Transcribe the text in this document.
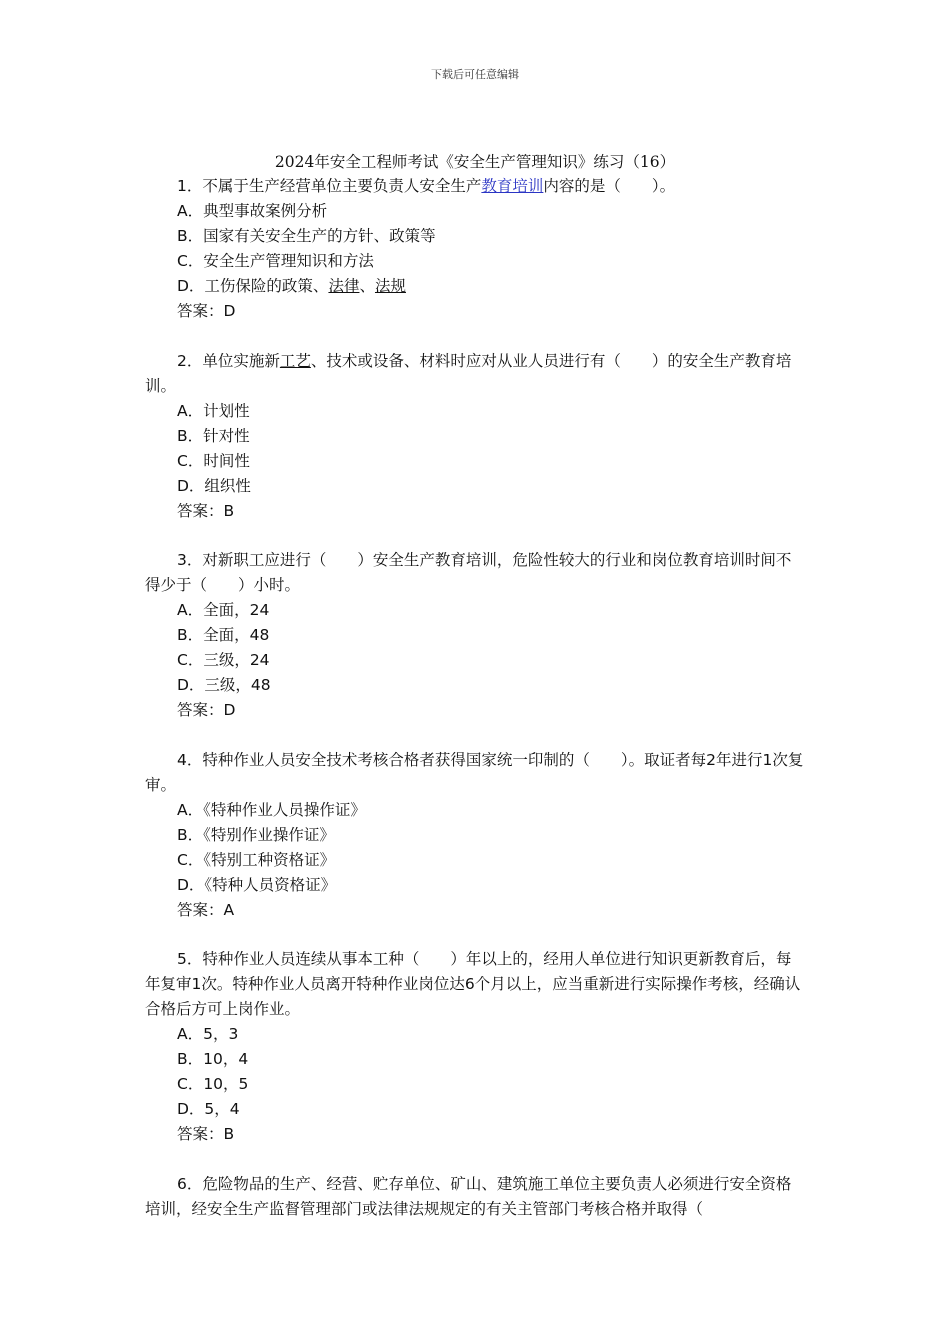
下载后可任意编辑
2024年安全工程师考试《安全生产管理知识》练习（16）
1．不属于生产经营单位主要负责人安全生产教育培训内容的是（　　）。
A．典型事故案例分析
B．国家有关安全生产的方针、政策等
C．安全生产管理知识和方法
D．工伤保险的政策、法律、法规
答案：D
2．单位实施新工艺、技术或设备、材料时应对从业人员进行有（　　）的安全生产教育培训。
A．计划性
B．针对性
C．时间性
D．组织性
答案：B
3．对新职工应进行（　　）安全生产教育培训，危险性较大的行业和岗位教育培训时间不得少于（　　）小时。
A．全面，24
B．全面，48
C．三级，24
D．三级，48
答案：D
4．特种作业人员安全技术考核合格者获得国家统一印制的（　　）。取证者每2年进行1次复审。
A．《特种作业人员操作证》
B．《特别作业操作证》
C．《特别工种资格证》
D．《特种人员资格证》
答案：A
5．特种作业人员连续从事本工种（　　）年以上的，经用人单位进行知识更新教育后，每 年复审1次。特种作业人员离开特种作业岗位达6个月以上，应当重新进行实际操作考核，经确认合格后方可上岗作业。
A．5，3
B．10，4
C．10，5
D．5，4
答案：B
6．危险物品的生产、经营、贮存单位、矿山、建筑施工单位主要负责人必须进行安全资格培训，经安全生产监督管理部门或法律法规规定的有关主管部门考核合格并取得（
